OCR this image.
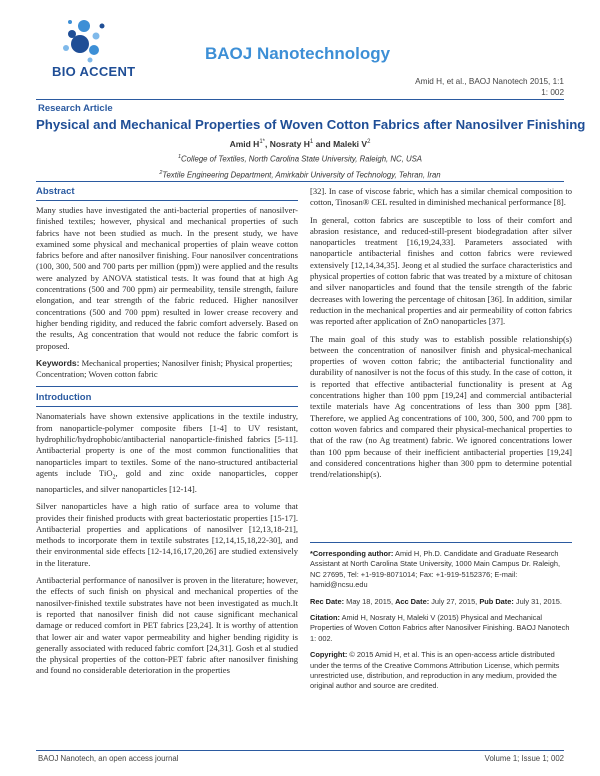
BIO ACCENT
BAOJ Nanotechnology
Amid H, et al., BAOJ Nanotech 2015, 1:1
1: 002
Research Article
Physical and Mechanical Properties of Woven Cotton Fabrics after Nanosilver Finishing
Amid $H^{1*}$, Nosraty $H^1$ and Maleki $V^2$
$^1$College of Textiles, North Carolina State University, Raleigh, NC, USA
$^2$Textile Engineering Department, Amirkabir University of Technology, Tehran, Iran
Abstract

Many studies have investigated the anti-bacterial properties of nanosilver-finished textiles; however, physical and mechanical properties of such fabrics have not been studied as much. In the present study, we have examined some physical and mechanical properties of plain weave cotton fabrics before and after nanosilver finishing. Four nanosilver concentrations (100, 300, 500 and 700 parts per million (ppm)) were applied and the results were analyzed by ANOVA statistical tests. It was found that at high Ag concentrations (500 and 700 ppm) air permeability, tensile strength, failure elongation, and tear strength of the fabric reduced. Higher nanosilver concentrations (500 and 700 ppm) resulted in lower crease recovery and higher bending rigidity, and reduced the fabric comfort adversely. Based on the results, Ag concentration that would not reduce the fabric comfort is proposed.

Keywords: Mechanical properties; Nanosilver finish; Physical properties; Concentration; Woven cotton fabric

Introduction

Nanomaterials have shown extensive applications in the textile industry, from nanoparticle-polymer composite fibers [1-4] to UV resistant, hydrophilic/hydrophobic/antibacterial nanoparticle-finished fabrics [5-11]. Antibacterial property is one of the most common functionalities that nanoparticles impart to textiles. Some of the nano-structured antibacterial agents include TiO$_2$, gold and zinc oxide nanoparticles, copper nanoparticles, and silver nanoparticles [12-14].

Silver nanoparticles have a high ratio of surface area to volume that provides their finished products with great bacteriostatic properties [15-17]. Antibacterial properties and applications of nanosilver [12,13,18-21], methods to incorporate them in textile substrates [12,14,15,18,22-30], and their environmental side effects [12-14,16,17,20,26] are studied extensively in the literature.

Antibacterial performance of nanosilver is proven in the literature; however, the effects of such finish on physical and mechanical properties of the nanosilver-finished textile substrates have not been investigated as much.It is reported that nanosilver finish did not cause significant mechanical damage or reduced comfort in PET fabrics [23,24]. It is worthy of attention that lower air and water vapor permeability and higher bending rigidity is generally associated with reduced fabric comfort [24,31]. Gosh et al studied the physical properties of the cotton-PET fabric after nanosilver finishing and found no considerable deterioration in the properties

[32]. In case of viscose fabric, which has a similar chemical composition to cotton, Tinosan® CEL resulted in diminished mechanical performance [8].

In general, cotton fabrics are susceptible to loss of their comfort and abrasion resistance, and reduced-still-present biodegradation after silver nanoparticles treatment [16,19,24,33]. Parameters associated with nanoparticle antibacterial finishes and cotton fabrics were reviewed extensively [12,14,34,35]. Jeong et al studied the surface characteristics and physical properties of cotton fabric that was treated by a mixture of chitosan and silver nanoparticles and found that the tensile strength of the fabric decreases with lowering the percentage of chitosan [36]. In addition, similar reduction in the mechanical properties and air permeability of cotton fabrics was reported after application of ZnO nanoparticles [37].

The main goal of this study was to establish possible relationship(s) between the concentration of nanosilver finish and physical-mechanical properties of woven cotton fabric; the antibacterial functionality and durability of nanosilver is not the focus of this study. In the case of cotton, it is reported that effective antibacterial functionality is present at Ag concentrations higher than 100 ppm [19,24] and commercial antibacterial textile materials have Ag concentrations of less than 300 ppm [38]. Therefore, we applied Ag concentrations of 100, 300, 500, and 700 ppm to cotton woven fabrics and compared their physical-mechanical properties to that of the raw (no Ag treatment) fabric. We ignored concentrations lower than 100 ppm because of their inefficient antibacterial properties [19,24] and considered concentrations higher than 300 ppm to determine potential trend/relationship(s).

*Corresponding author: Amid H, Ph.D. Candidate and Graduate Research Assistant at North Carolina State University, 1000 Main Campus Dr. Raleigh, NC 27695, Tel: +1-919-8071014; Fax: +1-919-5152376; E-mail: hamid@ncsu.edu

Rec Date: May 18, 2015, Acc Date: July 27, 2015, Pub Date: July 31, 2015.

Citation: Amid H, Nosraty H, Maleki V (2015) Physical and Mechanical Properties of Woven Cotton Fabrics after Nanosilver Finishing. BAOJ Nanotech 1: 002.

Copyright: © 2015 Amid H, et al. This is an open-access article distributed under the terms of the Creative Commons Attribution License, which permits unrestricted use, distribution, and reproduction in any medium, provided the original author and source are credited.

BAOJ Nanotech, an open access journal	Volume 1; Issue 1; 002
